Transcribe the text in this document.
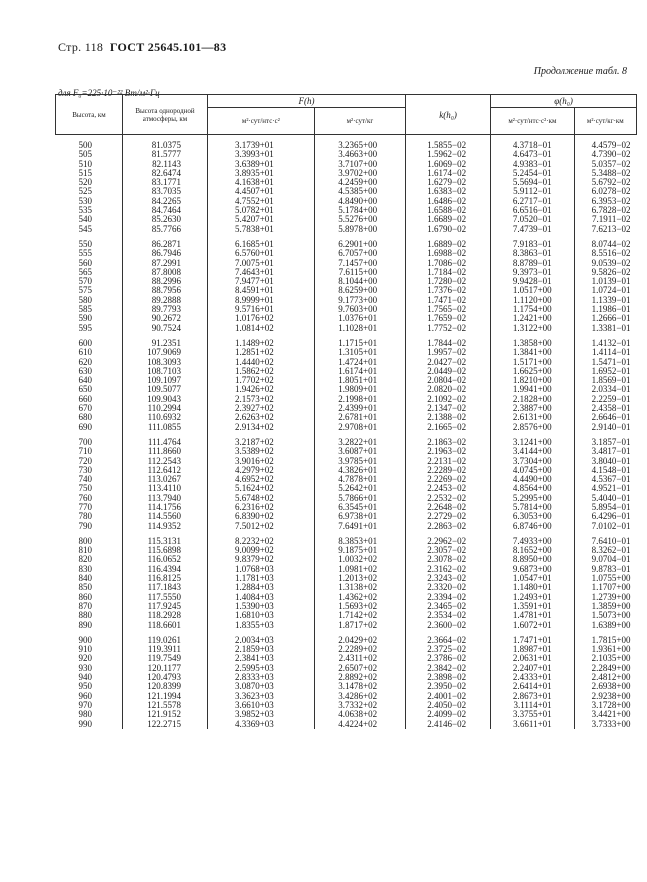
Стр. 118 ГОСТ 25645.101—83
Продолжение табл. 8
для F₀=225·10⁻²² Вт/м²·Гц
Высота, км	Высота однородной атмосферы, км	F(h)		k(h₀)	φ(h₀)	
		м²·сут/нтс·с²	м²·сут/кг		м²·сут/нтс·с²·км	м²·сут/кг·км
500	81.0375	3.1739+01	3.2365+00	1.5855−02	4.3718−01	4.4579−02
505	81.5777	3.3993+01	3.4663+00	1.5962−02	4.6473−01	4.7390−02
510	82.1143	3.6389+01	3.7107+00	1.6069−02	4.9383−01	5.0357−02
515	82.6474	3.8935+01	3.9702+00	1.6174−02	5.2454−01	5.3488−02
520	83.1771	4.1638+01	4.2459+00	1.6279−02	5.5694−01	5.6792−02
525	83.7035	4.4507+01	4.5385+00	1.6383−02	5.9112−01	6.0278−02
530	84.2265	4.7552+01	4.8490+00	1.6486−02	6.2717−01	6.3953−02
535	84.7464	5.0782+01	5.1784+00	1.6588−02	6.6516−01	6.7828−02
540	85.2630	5.4207+01	5.5276+00	1.6689−02	7.0520−01	7.1911−02
545	85.7766	5.7838+01	5.8978+00	1.6790−02	7.4739−01	7.6213−02

550	86.2871	6.1685+01	6.2901+00	1.6889−02	7.9183−01	8.0744−02
555	86.7946	6.5760+01	6.7057+00	1.6988−02	8.3863−01	8.5516−02
560	87.2991	7.0075+01	7.1457+00	1.7086−02	8.8789−01	9.0539−02
565	87.8008	7.4643+01	7.6115+00	1.7184−02	9.3973−01	9.5826−02
570	88.2996	7.9477+01	8.1044+00	1.7280−02	9.9428−01	1.0139−01
575	88.7956	8.4591+01	8.6259+00	1.7376−02	1.0517+00	1.0724−01
580	89.2888	8.9999+01	9.1773+00	1.7471−02	1.1120+00	1.1339−01
585	89.7793	9.5716+01	9.7603+00	1.7565−02	1.1754+00	1.1986−01
590	90.2672	1.0176+02	1.0376+01	1.7659−02	1.2421+00	1.2666−01
595	90.7524	1.0814+02	1.1028+01	1.7752−02	1.3122+00	1.3381−01

600	91.2351	1.1489+02	1.1715+01	1.7844−02	1.3858+00	1.4132−01
610	107.9069	1.2851+02	1.3105+01	1.9957−02	1.3841+00	1.4114−01
620	108.3093	1.4440+02	1.4724+01	2.0427−02	1.5171+00	1.5471−01
630	108.7103	1.5862+02	1.6174+01	2.0449−02	1.6625+00	1.6952−01
640	109.1097	1.7702+02	1.8051+01	2.0804−02	1.8210+00	1.8569−01
650	109.5077	1.9426+02	1.9809+01	2.0820−02	1.9941+00	2.0334−01
660	109.9043	2.1573+02	2.1998+01	2.1092−02	2.1828+00	2.2259−01
670	110.2994	2.3927+02	2.4399+01	2.1347−02	2.3887+00	2.4358−01
680	110.6932	2.6263+02	2.6781+01	2.1388−02	2.6131+00	2.6646−01
690	111.0855	2.9134+02	2.9708+01	2.1665−02	2.8576+00	2.9140−01

700	111.4764	3.2187+02	3.2822+01	2.1863−02	3.1241+00	3.1857−01
710	111.8660	3.5389+02	3.6087+01	2.1963−02	3.4144+00	3.4817−01
720	112.2543	3.9016+02	3.9785+01	2.2131−02	3.7304+00	3.8040−01
730	112.6412	4.2979+02	4.3826+01	2.2289−02	4.0745+00	4.1548−01
740	113.0267	4.6952+02	4.7878+01	2.2269−02	4.4490+00	4.5367−01
750	113.4110	5.1624+02	5.2642+01	2.2453−02	4.8564+00	4.9521−01
760	113.7940	5.6748+02	5.7866+01	2.2532−02	5.2995+00	5.4040−01
770	114.1756	6.2316+02	6.3545+01	2.2648−02	5.7814+00	5.8954−01
780	114.5560	6.8390+02	6.9738+01	2.2729−02	6.3053+00	6.4296−01
790	114.9352	7.5012+02	7.6491+01	2.2863−02	6.8746+00	7.0102−01

800	115.3131	8.2232+02	8.3853+01	2.2962−02	7.4933+00	7.6410−01
810	115.6898	9.0099+02	9.1875+01	2.3057−02	8.1652+00	8.3262−01
820	116.0652	9.8379+02	1.0032+02	2.3078−02	8.8950+00	9.0704−01
830	116.4394	1.0768+03	1.0981+02	2.3162−02	9.6873+00	9.8783−01
840	116.8125	1.1781+03	1.2013+02	2.3243−02	1.0547+01	1.0755+00
850	117.1843	1.2884+03	1.3138+02	2.3320−02	1.1480+01	1.1707+00
860	117.5550	1.4084+03	1.4362+02	2.3394−02	1.2493+01	1.2739+00
870	117.9245	1.5390+03	1.5693+02	2.3465−02	1.3591+01	1.3859+00
880	118.2928	1.6810+03	1.7142+02	2.3534−02	1.4781+01	1.5073+00
890	118.6601	1.8355+03	1.8717+02	2.3600−02	1.6072+01	1.6389+00

900	119.0261	2.0034+03	2.0429+02	2.3664−02	1.7471+01	1.7815+00
910	119.3911	2.1859+03	2.2289+02	2.3725−02	1.8987+01	1.9361+00
920	119.7549	2.3841+03	2.4311+02	2.3786−02	2.0631+01	2.1035+00
930	120.1177	2.5995+03	2.6507+02	2.3842−02	2.2407+01	2.2849+00
940	120.4793	2.8333+03	2.8892+02	2.3898−02	2.4333+01	2.4812+00
950	120.8399	3.0870+03	3.1478+02	2.3950−02	2.6414+01	2.6938+00
960	121.1994	3.3623+03	3.4286+02	2.4001−02	2.8673+01	2.9238+00
970	121.5578	3.6610+03	3.7332+02	2.4050−02	3.1114+01	3.1728+00
980	121.9152	3.9852+03	4.0638+02	2.4099−02	3.3755+01	3.4421+00
990	122.2715	4.3369+03	4.4224+02	2.4146−02	3.6611+01	3.7333+00
